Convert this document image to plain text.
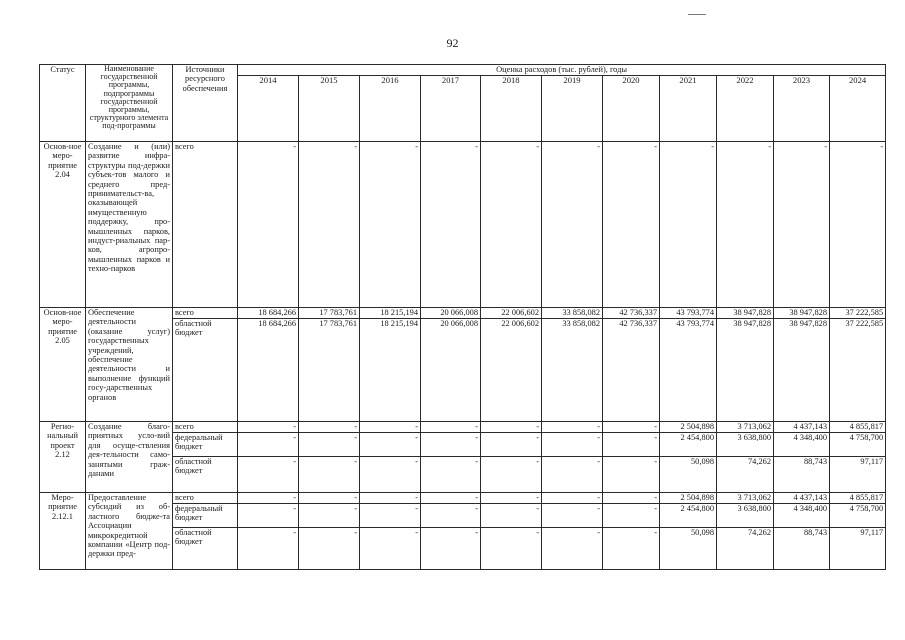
92
Статус	Наименование государственной программы, подпрограммы государственной программы, структурного элемента под-программы	Источники ресурсного обеспечения	Оценка расходов (тыс. рублей), годы										
			2014	2015	2016	2017	2018	2019	2020	2021	2022	2023	2024
Основ-ное меро-приятие 2.04	Создание и (или) развитие инфра-структуры под-держки субъек-тов малого и среднего пред-принимательст-ва, оказывающей имущественную поддержку, про-мышленных парков, индуст-риальных пар-ков, агропро-мышленных парков и техно-парков	всего	-	-	-	-	-	-	-	-	-	-	-
Основ-ное меро-приятие 2.05	Обеспечение деятельности (оказание услуг) государственных учреждений, обеспечение деятельности и выполнение функций госу-дарственных органов	всего	18 684,266	17 783,761	18 215,194	20 066,008	22 006,602	33 858,082	42 736,337	43 793,774	38 947,828	38 947,828	37 222,585
		областной бюджет	18 684,266	17 783,761	18 215,194	20 066,008	22 006,602	33 858,082	42 736,337	43 793,774	38 947,828	38 947,828	37 222,585
Регио-нальный проект 2.12	Создание благо-приятных усло-вий для осуще-ствления дея-тельности само-занятыми граж-данами	всего	-	-	-	-	-	-	-	2 504,898	3 713,062	4 437,143	4 855,817
		федеральный бюджет	-	-	-	-	-	-	-	2 454,800	3 638,800	4 348,400	4 758,700
		областной бюджет	-	-	-	-	-	-	-	50,098	74,262	88,743	97,117
Меро-приятие 2.12.1	Предоставление субсидий из об-ластного бюдже-та Ассоциации микрокредитной компании «Центр под-держки пред-	всего	-	-	-	-	-	-	-	2 504,898	3 713,062	4 437,143	4 855,817
		федеральный бюджет	-	-	-	-	-	-	-	2 454,800	3 638,800	4 348,400	4 758,700
		областной бюджет	-	-	-	-	-	-	-	50,098	74,262	88,743	97,117
